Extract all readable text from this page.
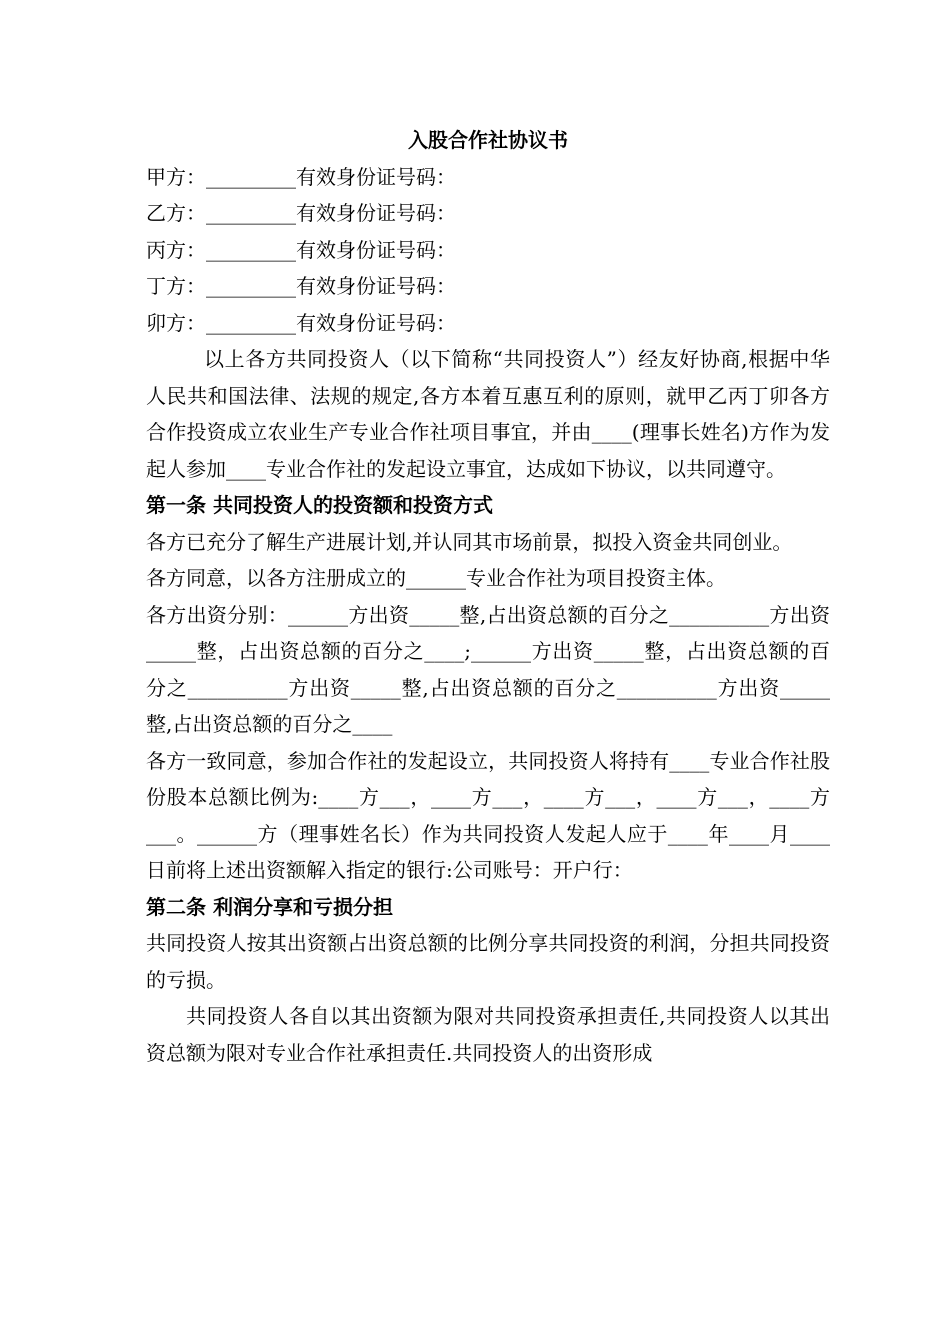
入股合作社协议书

甲方：_________有效身份证号码：

乙方：_________有效身份证号码：

丙方：_________有效身份证号码：

丁方：_________有效身份证号码：

卯方：_________有效身份证号码：

以上各方共同投资人（以下简称“共同投资人”）经友好协商,根据中华人民共和国法律、法规的规定,各方本着互惠互利的原则，就甲乙丙丁卯各方合作投资成立农业生产专业合作社项目事宜，并由____(理事长姓名)方作为发起人参加____专业合作社的发起设立事宜，达成如下协议，以共同遵守。

第一条 共同投资人的投资额和投资方式

各方已充分了解生产进展计划,并认同其市场前景，拟投入资金共同创业。

各方同意，以各方注册成立的______专业合作社为项目投资主体。

各方出资分别：______方出资_____整,占出资总额的百分之__________方出资_____整，占出资总额的百分之____;______方出资_____整，占出资总额的百分之__________方出资_____整,占出资总额的百分之__________方出资_____整,占出资总额的百分之____

各方一致同意，参加合作社的发起设立，共同投资人将持有____专业合作社股份股本总额比例为:____方___，____方___，____方___，____方___，____方___。______方（理事姓名长）作为共同投资人发起人应于____年____月____日前将上述出资额解入指定的银行:公司账号：开户行：

第二条 利润分享和亏损分担

共同投资人按其出资额占出资总额的比例分享共同投资的利润，分担共同投资的亏损。

共同投资人各自以其出资额为限对共同投资承担责任,共同投资人以其出资总额为限对专业合作社承担责任.共同投资人的出资形成
